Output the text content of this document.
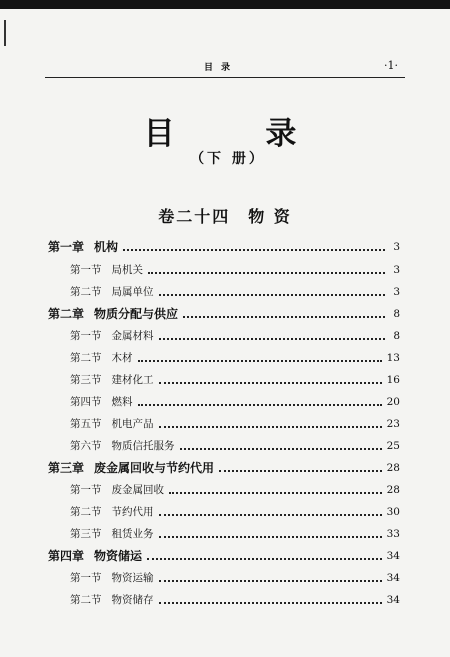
目录	·1·
目 录
（下 册）
卷二十四 物 资
第一章 机构	3
第一节 局机关	3
第二节 局属单位	3
第二章 物质分配与供应	8
第一节 金属材料	8
第二节 木材	13
第三节 建材化工	16
第四节 燃料	20
第五节 机电产品	23
第六节 物质信托服务	25
第三章 废金属回收与节约代用	28
第一节 废金属回收	28
第二节 节约代用	30
第三节 租赁业务	33
第四章 物资储运	34
第一节 物资运输	34
第二节 物资储存	34
